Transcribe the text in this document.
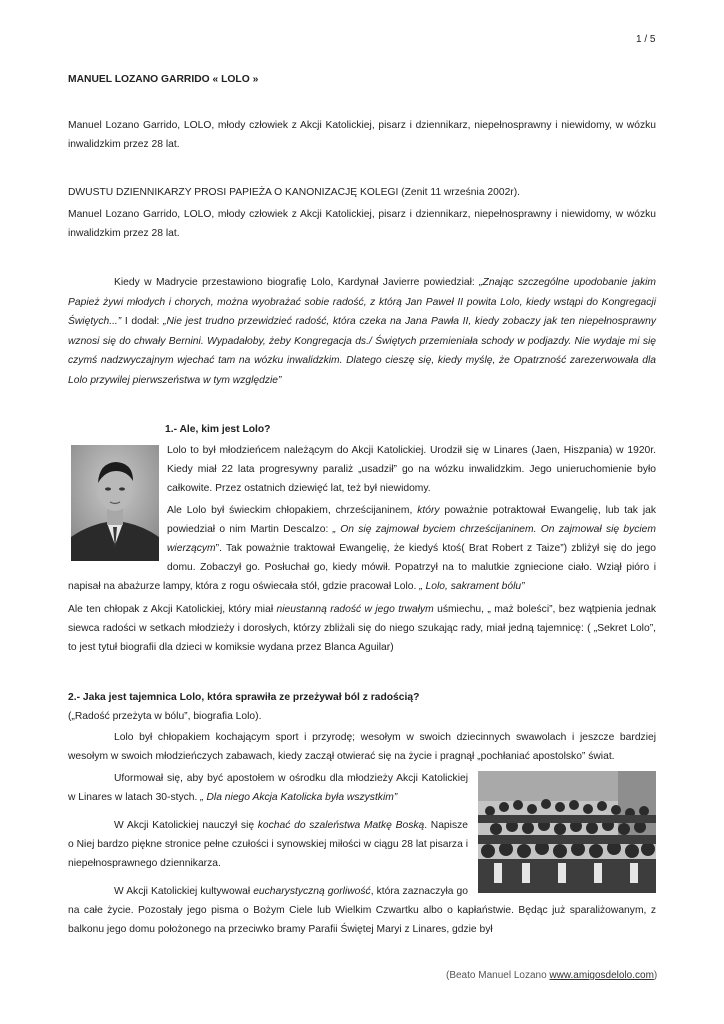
1 / 5

MANUEL LOZANO GARRIDO « LOLO »

Manuel Lozano Garrido, LOLO, młody człowiek z Akcji Katolickiej, pisarz i dziennikarz, niepełnosprawny i niewidomy, w wózku inwalidzkim przez 28 lat.

DWUSTU DZIENNIKARZY PROSI PAPIEŻA O KANONIZACJĘ KOLEGI (Zenit 11 września 2002r).

Manuel Lozano Garrido, LOLO, młody człowiek z Akcji Katolickiej, pisarz i dziennikarz, niepełnosprawny i niewidomy, w wózku inwalidzkim przez 28 lat.

Kiedy w Madrycie przestawiono biografię Lolo, Kardynał Javierre powiedział: „Znając szczególne upodobanie jakim Papież żywi młodych i chorych, można wyobrażać sobie radość, z którą Jan Paweł II powita Lolo, kiedy wstąpi do Kongregacji Świętych...” I dodał: „Nie jest trudno przewidzieć radość, która czeka na Jana Pawła II, kiedy zobaczy jak ten niepełnosprawny wznosi się do chwały Bernini. Wypadałoby, żeby Kongregacja ds./ Świętych przemieniała schody w podjazdy. Nie wydaje mi się czymś nadzwyczajnym wjechać tam na wózku inwalidzkim. Dlatego cieszę się, kiedy myślę, że Opatrzność zarezerwowała dla Lolo przywilej pierwszeństwa w tym względzie”

1.- Ale, kim jest Lolo?

Lolo to był młodzieńcem należącym do Akcji Katolickiej. Urodził się w Linares (Jaen, Hiszpania) w 1920r. Kiedy miał 22 lata progresywny paraliż „usadził” go na wózku inwalidzkim. Jego unieruchomienie było całkowite. Przez ostatnich dziewięć lat, też był niewidomy.

Ale Lolo był świeckim chłopakiem, chrześcijaninem, który poważnie potraktował Ewangelię, lub tak jak powiedział o nim Martin Descalzo: „ On się zajmował byciem chrześcijaninem. On zajmował się byciem wierzącym”. Tak poważnie traktował Ewangelię, że kiedyś ktoś( Brat Robert z Taize”) zbliżył się do jego domu. Zobaczył go. Posłuchał go, kiedy mówił. Popatrzył na to malutkie zgniecione ciało. Wziął pióro i napisał na abażurze lampy, która z rogu oświecała stół, gdzie pracował Lolo. „ Lolo, sakrament bólu”

Ale ten chłopak z Akcji Katolickiej, który miał nieustanną radość w jego trwałym uśmiechu, „ maż boleści”, bez wątpienia jednak siewca radości w setkach młodzieży i dorosłych, którzy zbliżali się do niego szukając rady, miał jedną tajemnicę: ( „Sekret Lolo”, to jest tytuł biografii dla dzieci w komiksie wydana przez Blanca Aguilar)

2.- Jaka jest tajemnica Lolo, która sprawiła ze przeżywał ból z radością?

(„Radość przeżyta w bólu”, biografia Lolo).

Lolo był chłopakiem kochającym sport i przyrodę; wesołym w swoich dziecinnych swawolach i jeszcze bardziej wesołym w swoich młodzieńczych zabawach, kiedy zaczął otwierać się na życie i pragnął „pochłaniać apostolsko” świat.

Uformował się, aby być apostołem w ośrodku dla młodzieży Akcji Katolickiej w Linares w latach 30-stych. „ Dla niego Akcja Katolicka była wszystkim”

W Akcji Katolickiej nauczył się kochać do szaleństwa Matkę Boską. Napisze o Niej bardzo piękne stronice pełne czułości i synowskiej miłości w ciągu 28 lat pisarza i niepełnosprawnego dziennikarza.

W Akcji Katolickiej kultywował eucharystyczną gorliwość, która zaznaczyła go na całe życie. Pozostały jego pisma o Bożym Ciele lub Wielkim Czwartku albo o kapłaństwie. Będąc już sparaliżowanym, z balkonu jego domu położonego na przeciwko bramy Parafii Świętej Maryi z Linares, gdzie był

(Beato Manuel Lozano www.amigosdelolo.com)
